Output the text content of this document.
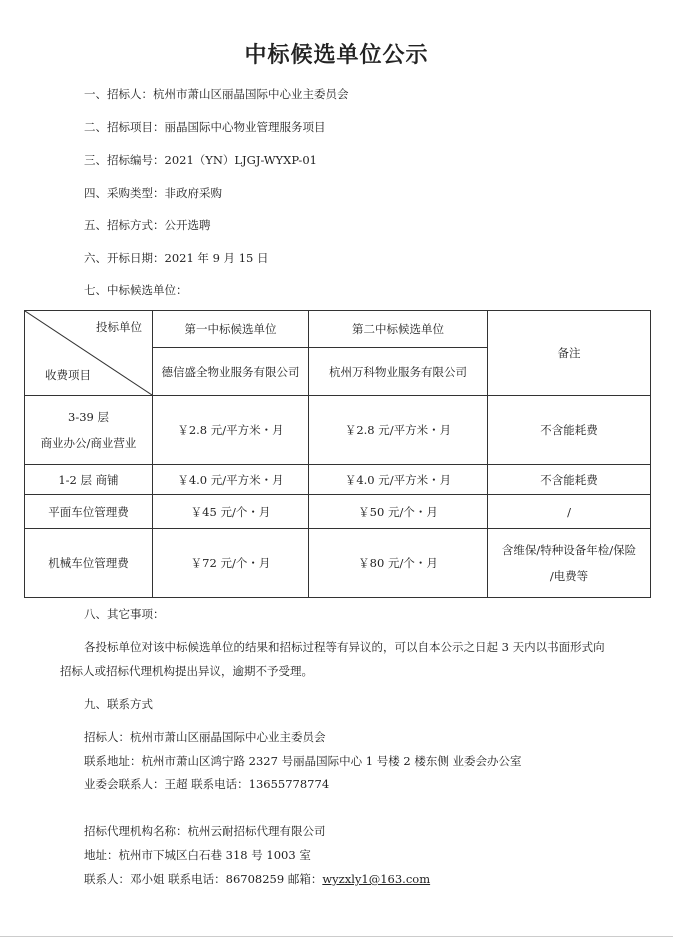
中标候选单位公示
一、招标人：杭州市萧山区丽晶国际中心业主委员会
二、招标项目：丽晶国际中心物业管理服务项目
三、招标编号：2021（YN）LJGJ-WYXP-01
四、采购类型：非政府采购
五、招标方式：公开选聘
六、开标日期：2021 年 9 月 15 日
七、中标候选单位：
投标单位
收费项目	第一中标候选单位	第二中标候选单位	备注
	德信盛全物业服务有限公司	杭州万科物业服务有限公司	

3-39 层
商业办公/商业营业	￥2.8 元/平方米・月	￥2.8 元/平方米・月	不含能耗费
1-2 层 商铺	￥4.0 元/平方米・月	￥4.0 元/平方米・月	不含能耗费
平面车位管理费	￥45 元/个・月	￥50 元/个・月	/
机械车位管理费	￥72 元/个・月	￥80 元/个・月	含维保/特种设备年检/保险
/电费等
八、其它事项：
各投标单位对该中标候选单位的结果和招标过程等有异议的，可以自本公示之日起 3 天内以书面形式向
招标人或招标代理机构提出异议，逾期不予受理。
九、联系方式
招标人：杭州市萧山区丽晶国际中心业主委员会
联系地址：杭州市萧山区鸿宁路 2327 号丽晶国际中心 1 号楼 2 楼东侧 业委会办公室
业委会联系人：王超 联系电话：13655778774
招标代理机构名称：杭州云耐招标代理有限公司
地址：杭州市下城区白石巷 318 号 1003 室
联系人：邓小姐 联系电话：86708259 邮箱：wyzxly1@163.com
